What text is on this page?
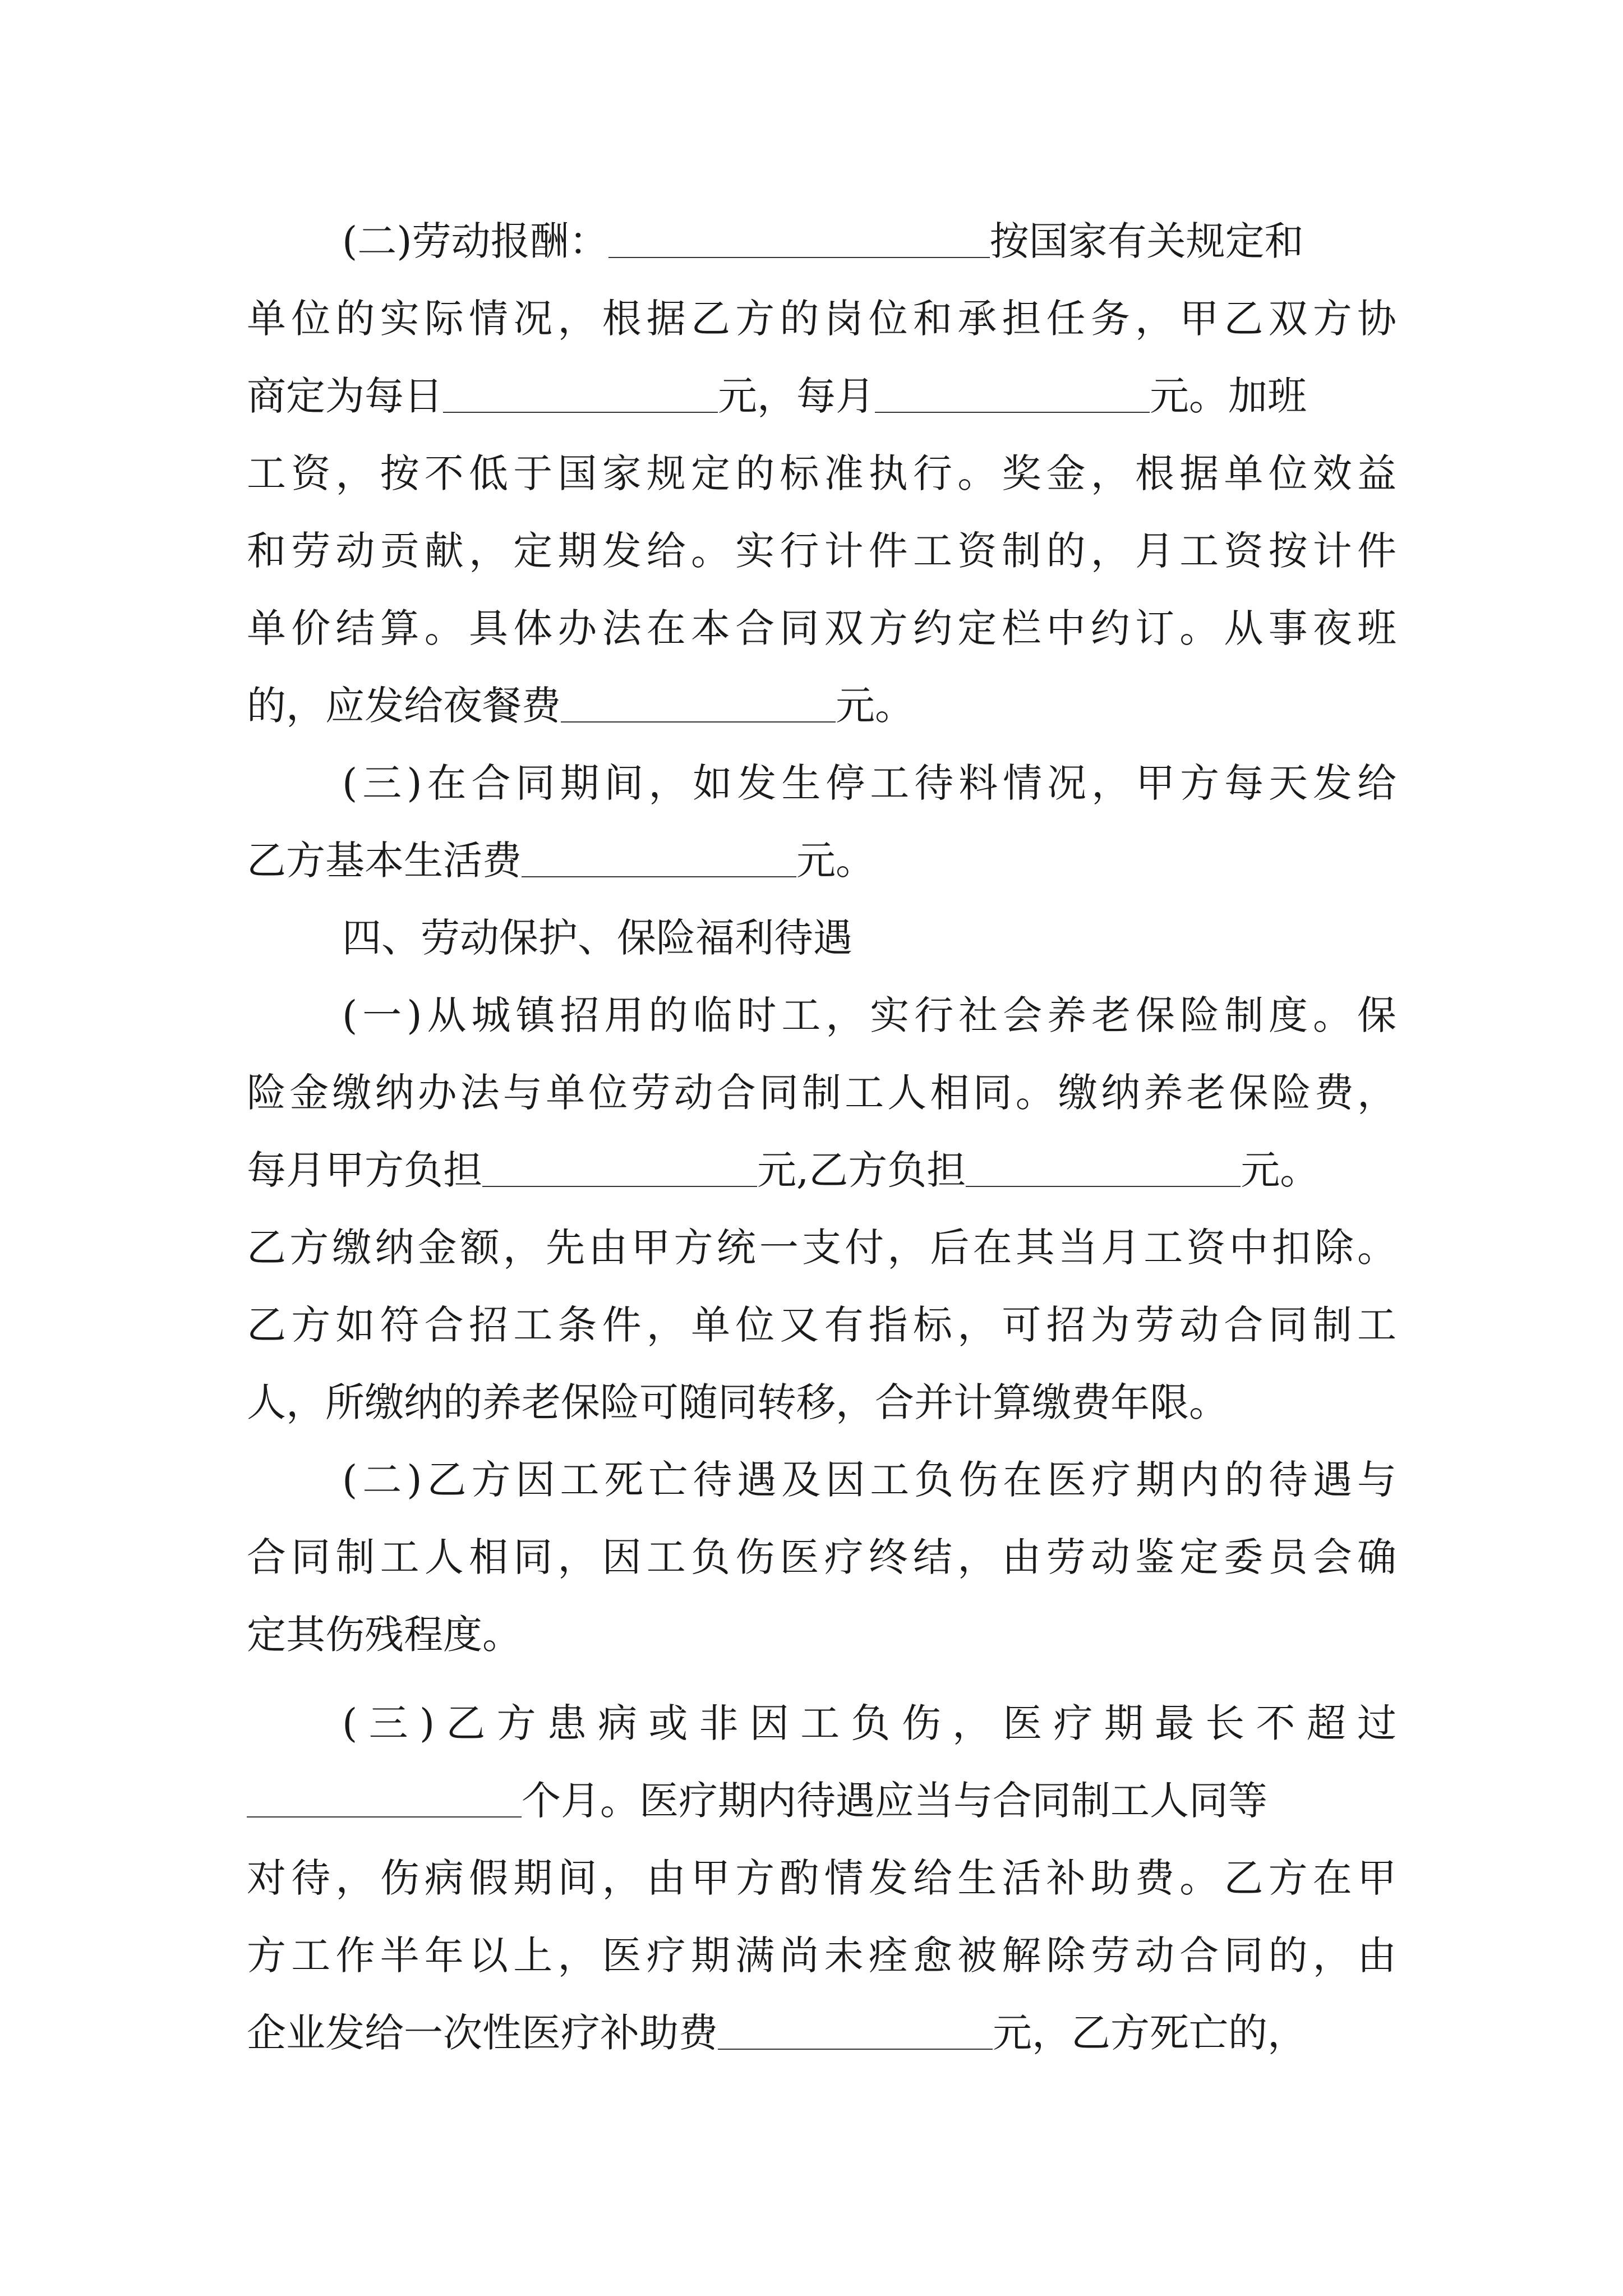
(二)劳动报酬：	按国家有关规定和
单位的实际情况，根据乙方的岗位和承担任务，甲乙双方协
商定为每日	元，每月	元。加班
工资，按不低于国家规定的标准执行。奖金，根据单位效益
和劳动贡献，定期发给。实行计件工资制的，月工资按计件
单价结算。具体办法在本合同双方约定栏中约订。从事夜班
的，应发给夜餐费	元。
(三)在合同期间，如发生停工待料情况，甲方每天发给
乙方基本生活费	元。
四、劳动保护、保险福利待遇
(一)从城镇招用的临时工，实行社会养老保险制度。保
险金缴纳办法与单位劳动合同制工人相同。缴纳养老保险费，
每月甲方负担	元,乙方负担	元。
乙方缴纳金额，先由甲方统一支付，后在其当月工资中扣除。
乙方如符合招工条件，单位又有指标，可招为劳动合同制工
人，所缴纳的养老保险可随同转移，合并计算缴费年限。
(二)乙方因工死亡待遇及因工负伤在医疗期内的待遇与
合同制工人相同，因工负伤医疗终结，由劳动鉴定委员会确
定其伤残程度。
(三)乙方患病或非因工负伤，医疗期最长不超过
个月。医疗期内待遇应当与合同制工人同等
对待，伤病假期间，由甲方酌情发给生活补助费。乙方在甲
方工作半年以上，医疗期满尚未痊愈被解除劳动合同的，由
企业发给一次性医疗补助费	元，乙方死亡的，
